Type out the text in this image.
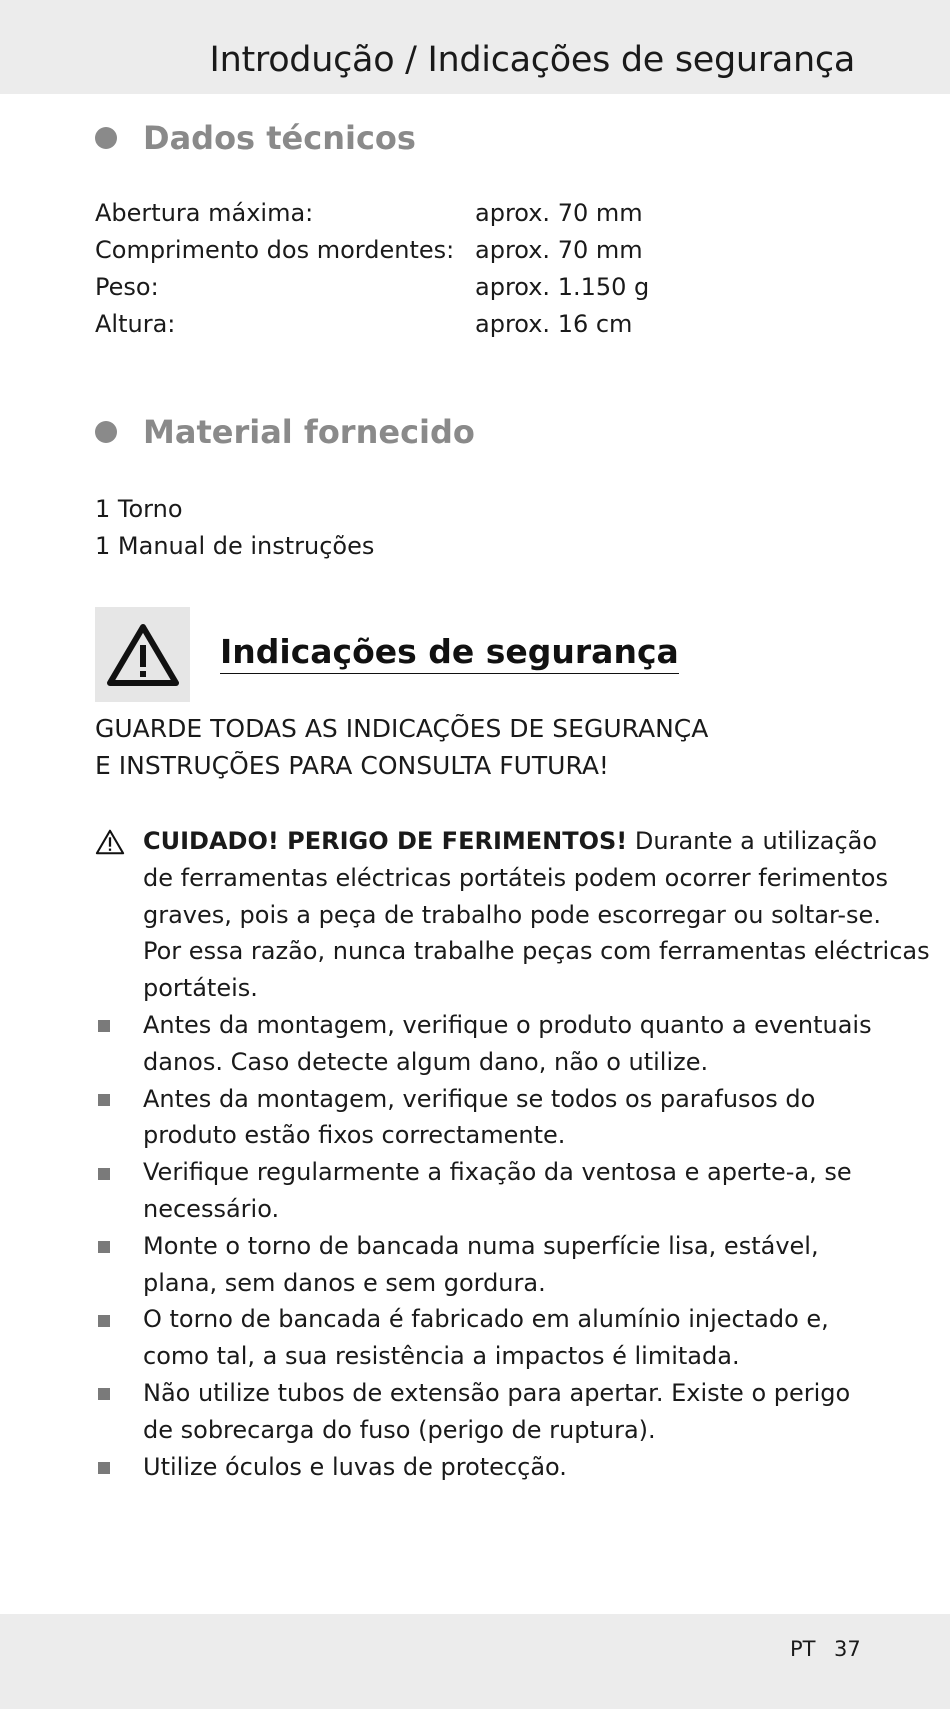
Introdução / Indicações de segurança
Dados técnicos
Abertura máxima:	aprox. 70 mm
Comprimento dos mordentes: aprox. 70 mm
Peso:	aprox. 1.150 g
Altura:	aprox. 16 cm
Material fornecido
1 Torno
1 Manual de instruções
Indicações de segurança
GUARDE TODAS AS INDICAÇÕES DE SEGURANÇA
E INSTRUÇÕES PARA CONSULTA FUTURA!
CUIDADO! PERIGO DE FERIMENTOS! Durante a utilização
de ferramentas eléctricas portáteis podem ocorrer ferimentos
graves, pois a peça de trabalho pode escorregar ou soltar-se.
Por essa razão, nunca trabalhe peças com ferramentas eléctricas
portáteis.
Antes da montagem, verifique o produto quanto a eventuais
danos. Caso detecte algum dano, não o utilize.
Antes da montagem, verifique se todos os parafusos do
produto estão fixos correctamente.
Verifique regularmente a fixação da ventosa e aperte-a, se
necessário.
Monte o torno de bancada numa superfície lisa, estável,
plana, sem danos e sem gordura.
O torno de bancada é fabricado em alumínio injectado e,
como tal, a sua resistência a impactos é limitada.
Não utilize tubos de extensão para apertar. Existe o perigo
de sobrecarga do fuso (perigo de ruptura).
Utilize óculos e luvas de protecção.
PT 37
